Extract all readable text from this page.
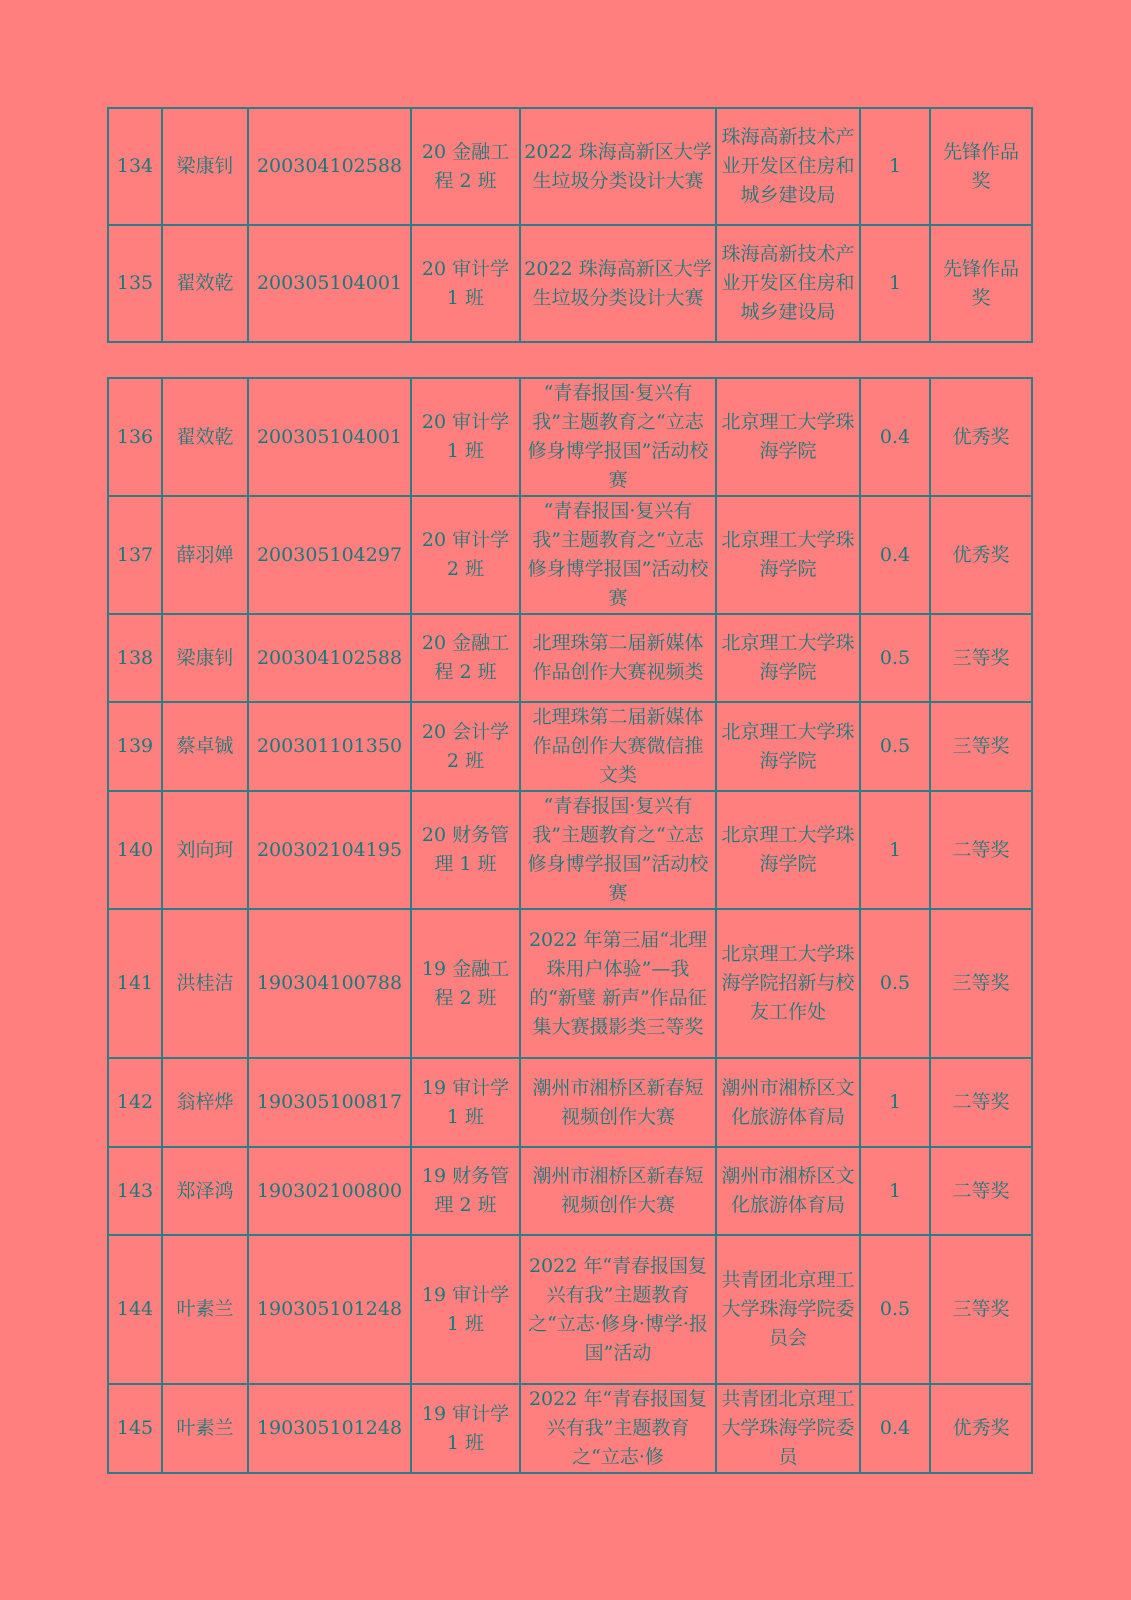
134	梁康钊	200304102588	20 金融工程 2 班	2022 珠海高新区大学生垃圾分类设计大赛	珠海高新技术产业开发区住房和城乡建设局	1	先锋作品奖
135	翟效乾	200305104001	20 审计学 1 班	2022 珠海高新区大学生垃圾分类设计大赛	珠海高新技术产业开发区住房和城乡建设局	1	先锋作品奖
136	翟效乾	200305104001	20 审计学 1 班	“青春报国·复兴有我”主题教育之“立志修身博学报国”活动校赛	北京理工大学珠海学院	0.4	优秀奖
137	薛羽婵	200305104297	20 审计学 2 班	“青春报国·复兴有我”主题教育之“立志修身博学报国”活动校赛	北京理工大学珠海学院	0.4	优秀奖
138	梁康钊	200304102588	20 金融工程 2 班	北理珠第二届新媒体作品创作大赛视频类	北京理工大学珠海学院	0.5	三等奖
139	蔡卓铖	200301101350	20 会计学 2 班	北理珠第二届新媒体作品创作大赛微信推文类	北京理工大学珠海学院	0.5	三等奖
140	刘向珂	200302104195	20 财务管理 1 班	“青春报国·复兴有我”主题教育之“立志修身博学报国”活动校赛	北京理工大学珠海学院	1	二等奖
141	洪桂洁	190304100788	19 金融工程 2 班	2022 年第三届“北理珠用户体验”—我的“新璧 新声”作品征集大赛摄影类三等奖	北京理工大学珠海学院招新与校友工作处	0.5	三等奖
142	翁梓烨	190305100817	19 审计学 1 班	潮州市湘桥区新春短视频创作大赛	潮州市湘桥区文化旅游体育局	1	二等奖
143	郑泽鸿	190302100800	19 财务管理 2 班	潮州市湘桥区新春短视频创作大赛	潮州市湘桥区文化旅游体育局	1	二等奖
144	叶素兰	190305101248	19 审计学 1 班	2022 年“青春报国复兴有我”主题教育之“立志·修身·博学·报国”活动	共青团北京理工大学珠海学院委员会	0.5	三等奖
145	叶素兰	190305101248	19 审计学 1 班	2022 年“青春报国复兴有我”主题教育之“立志·修	共青团北京理工大学珠海学院委员	0.4	优秀奖
